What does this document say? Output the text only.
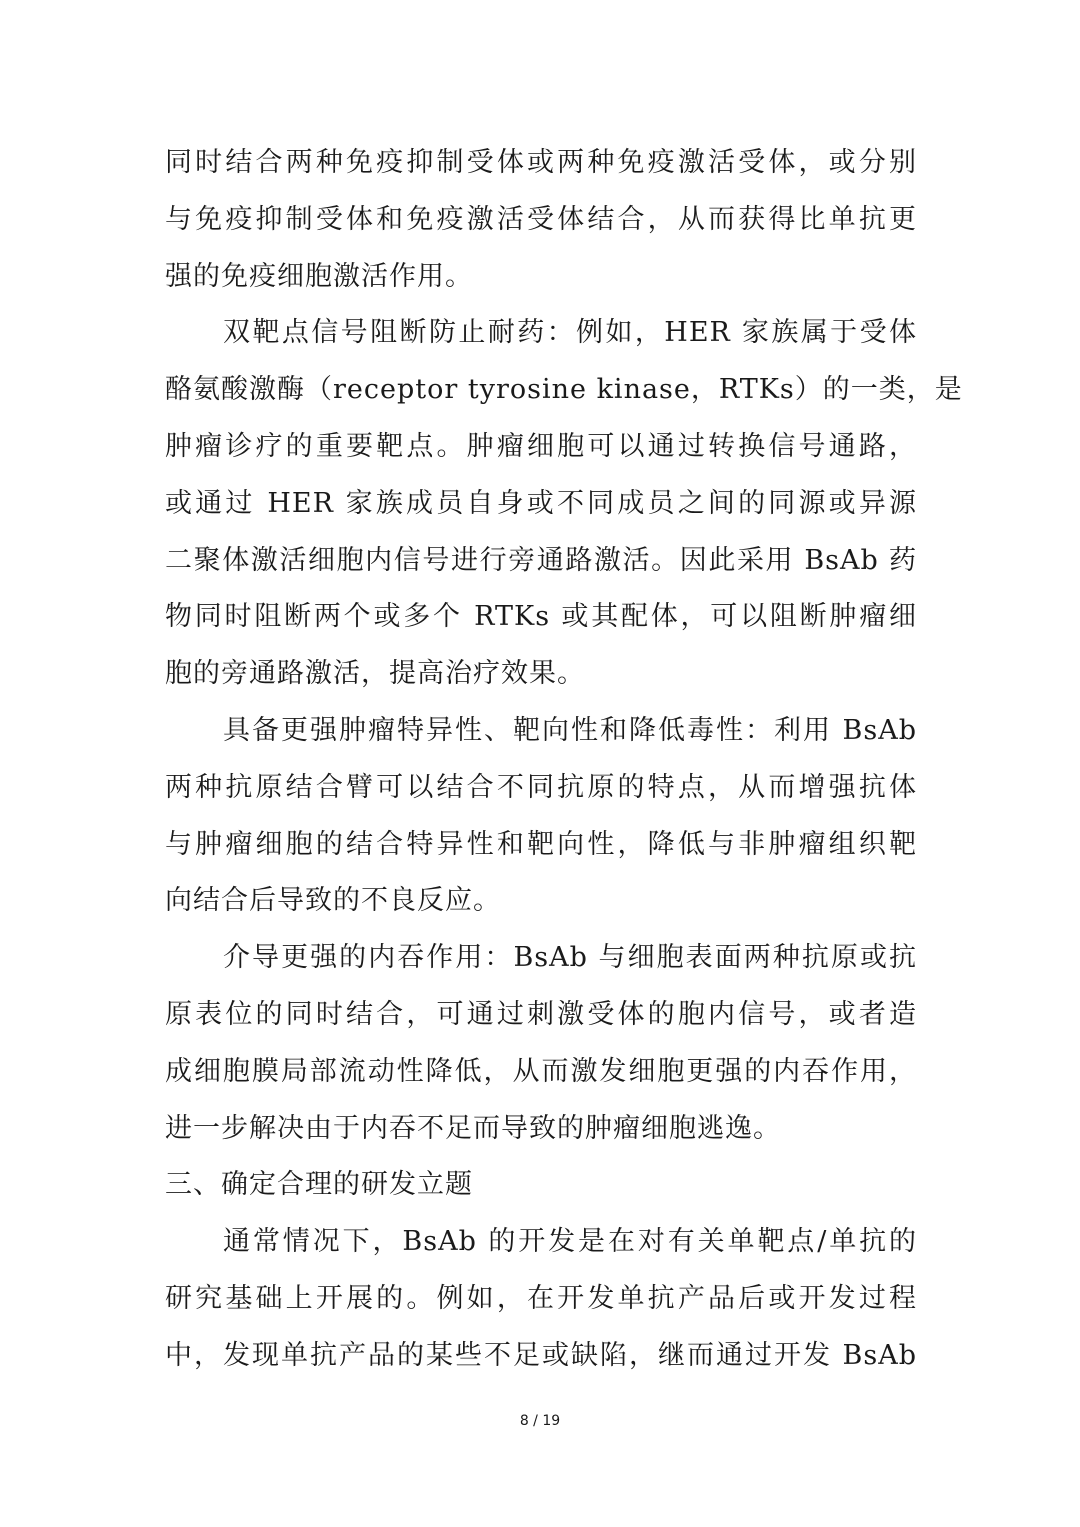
同时结合两种免疫抑制受体或两种免疫激活受体，或分别
与免疫抑制受体和免疫激活受体结合，从而获得比单抗更
强的免疫细胞激活作用。
双靶点信号阻断防止耐药：例如，HER 家族属于受体
酪氨酸激酶（receptor tyrosine kinase，RTKs）的一类，是
肿瘤诊疗的重要靶点。肿瘤细胞可以通过转换信号通路，
或通过 HER 家族成员自身或不同成员之间的同源或异源
二聚体激活细胞内信号进行旁通路激活。因此采用 BsAb 药
物同时阻断两个或多个 RTKs 或其配体，可以阻断肿瘤细
胞的旁通路激活，提高治疗效果。
具备更强肿瘤特异性、靶向性和降低毒性：利用 BsAb
两种抗原结合臂可以结合不同抗原的特点，从而增强抗体
与肿瘤细胞的结合特异性和靶向性，降低与非肿瘤组织靶
向结合后导致的不良反应。
介导更强的内吞作用：BsAb 与细胞表面两种抗原或抗
原表位的同时结合，可通过刺激受体的胞内信号，或者造
成细胞膜局部流动性降低，从而激发细胞更强的内吞作用，
进一步解决由于内吞不足而导致的肿瘤细胞逃逸。
三、确定合理的研发立题
通常情况下，BsAb 的开发是在对有关单靶点/单抗的
研究基础上开展的。例如，在开发单抗产品后或开发过程
中，发现单抗产品的某些不足或缺陷，继而通过开发 BsAb
8 / 19
